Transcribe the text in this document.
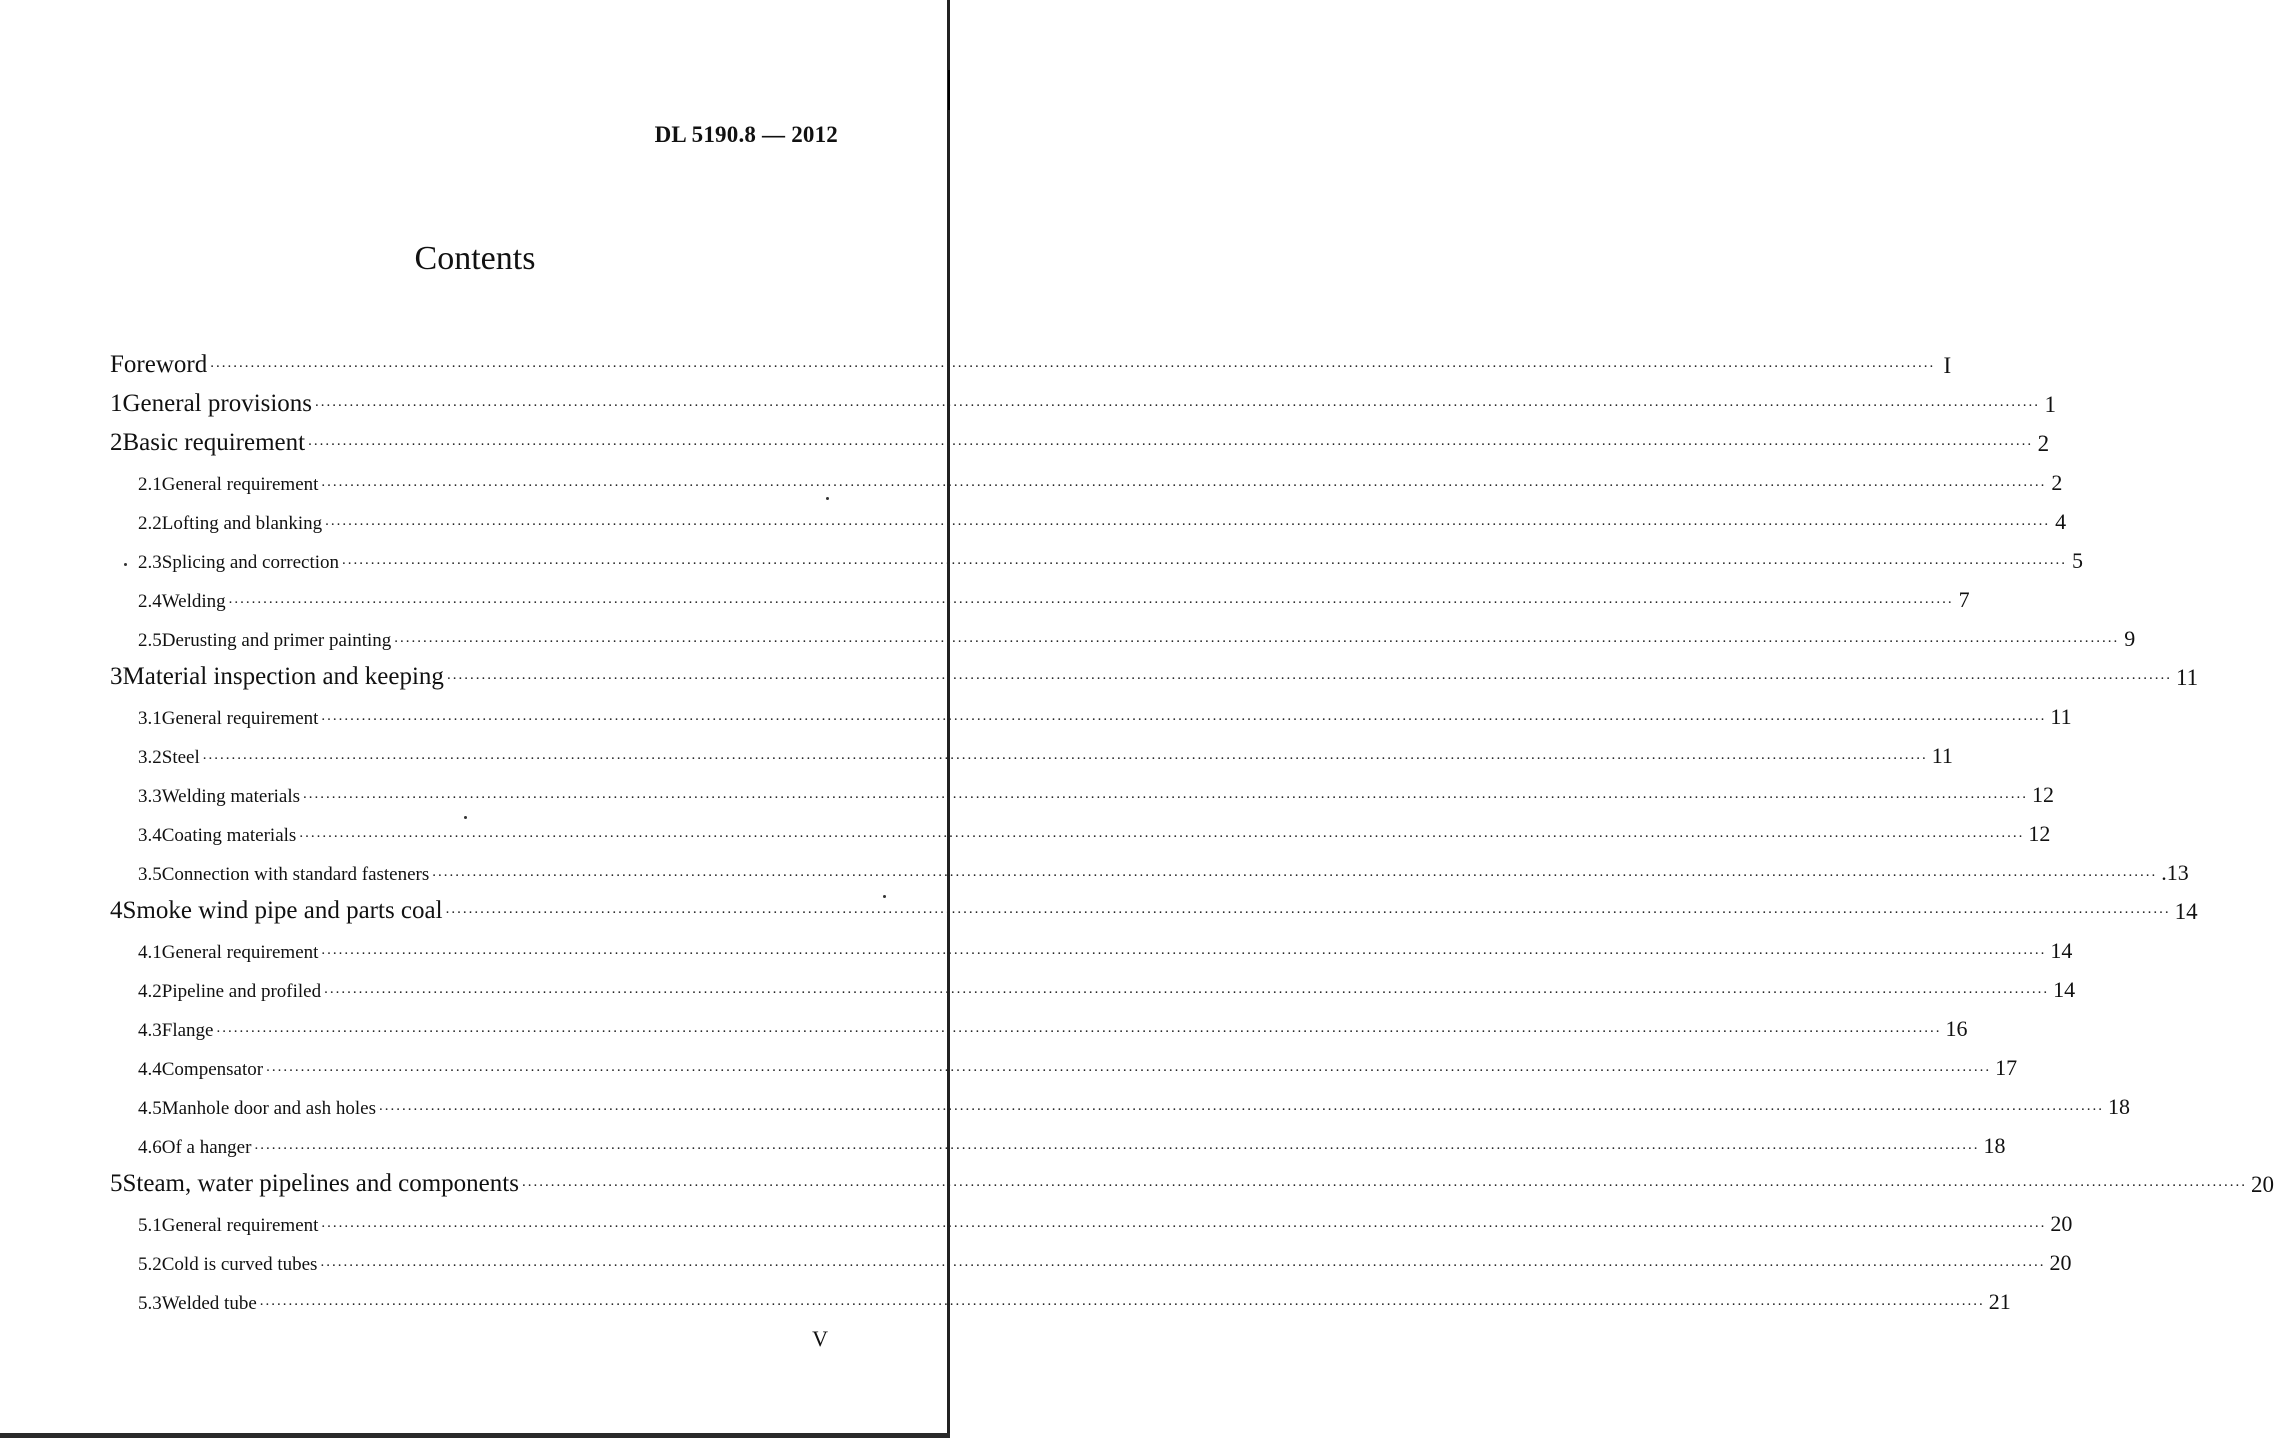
DL 5190.8 — 2012
Contents
Foreword ............................................................................................................................................................................................................................................................................................................ I
1 General provisions ............................................................................................................................................................................................................................................................................................................ 1
2 Basic requirement ............................................................................................................................................................................................................................................................................................................ 2
2.1 General requirement ............................................................................................................................................................................................................................................................................................................ 2
2.2 Lofting and blanking ............................................................................................................................................................................................................................................................................................................ 4
2.3 Splicing and correction ............................................................................................................................................................................................................................................................................................................ 5
2.4 Welding ............................................................................................................................................................................................................................................................................................................ 7
2.5 Derusting and primer painting ............................................................................................................................................................................................................................................................................................................ 9
3 Material inspection and keeping ............................................................................................................................................................................................................................................................................................................ 11
3.1 General requirement ............................................................................................................................................................................................................................................................................................................ 11
3.2 Steel ............................................................................................................................................................................................................................................................................................................ 11
3.3 Welding materials ............................................................................................................................................................................................................................................................................................................ 12
3.4 Coating materials ............................................................................................................................................................................................................................................................................................................ 12
3.5 Connection with standard fasteners ............................................................................................................................................................................................................................................................................................................ .13
4 Smoke wind pipe and parts coal ............................................................................................................................................................................................................................................................................................................ 14
4.1 General requirement ............................................................................................................................................................................................................................................................................................................ 14
4.2 Pipeline and profiled ............................................................................................................................................................................................................................................................................................................ 14
4.3 Flange ............................................................................................................................................................................................................................................................................................................ 16
4.4 Compensator ............................................................................................................................................................................................................................................................................................................ 17
4.5 Manhole door and ash holes ............................................................................................................................................................................................................................................................................................................ 18
4.6 Of a hanger ............................................................................................................................................................................................................................................................................................................ 18
5 Steam, water pipelines and components ............................................................................................................................................................................................................................................................................................................ 20
5.1 General requirement ............................................................................................................................................................................................................................................................................................................ 20
5.2 Cold is curved tubes ............................................................................................................................................................................................................................................................................................................ 20
5.3 Welded tube ............................................................................................................................................................................................................................................................................................................ 21
V
